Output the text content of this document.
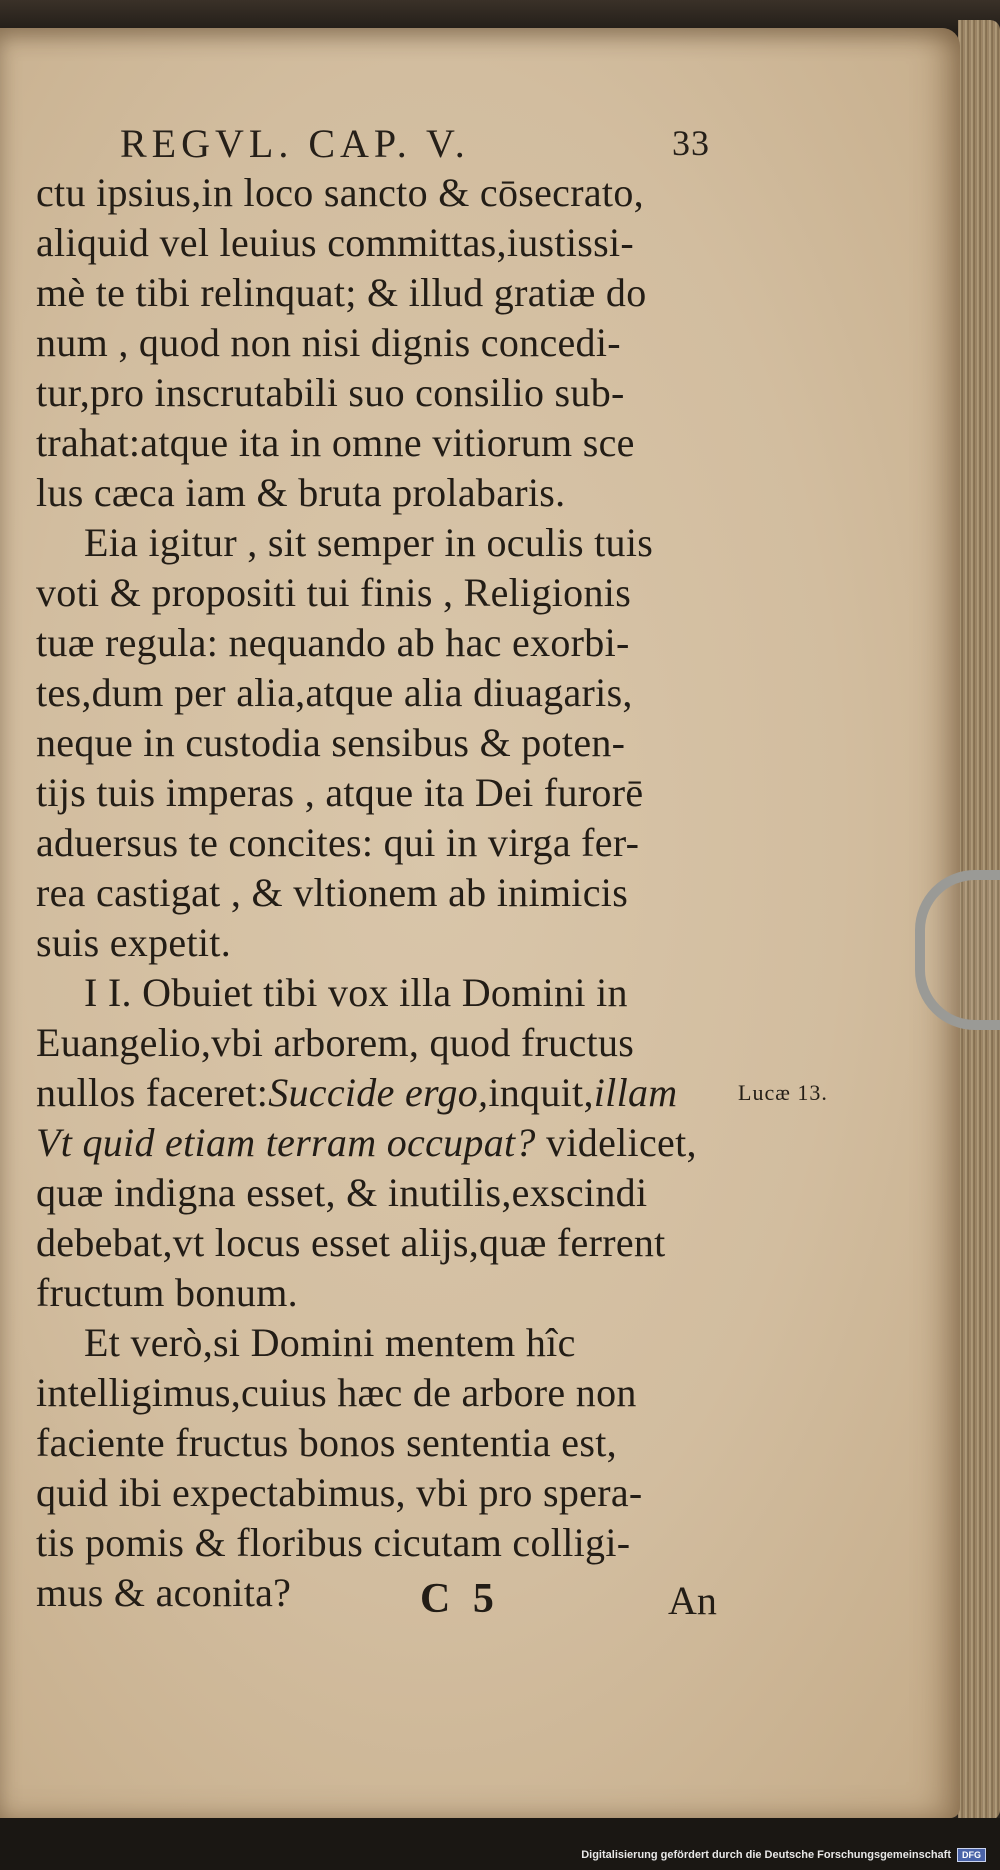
REGVL. CAP. V.	33
ctu ipsius,in loco sancto & cōsecrato,
aliquid vel leuius committas,iustissi-
mè te tibi relinquat; & illud gratiæ do
num , quod non nisi dignis concedi-
tur,pro inscrutabili suo consilio sub-
trahat:atque ita in omne vitiorum sce
lus cæca iam & bruta prolabaris.
Eia igitur , sit semper in oculis tuis
voti & propositi tui finis , Religionis
tuæ regula: nequando ab hac exorbi-
tes,dum per alia,atque alia diuagaris,
neque in custodia sensibus & poten-
tijs tuis imperas , atque ita Dei furorē
aduersus te concites: qui in virga fer-
rea castigat , & vltionem ab inimicis
suis expetit.
I I. Obuiet tibi vox illa Domini in
Euangelio,vbi arborem, quod fructus
nullos faceret:Succide ergo,inquit,illam
Vt quid etiam terram occupat? videlicet,
quæ indigna esset, & inutilis,exscindi
debebat,vt locus esset alijs,quæ ferrent
fructum bonum.
Et verò,si Domini mentem hîc
intelligimus,cuius hæc de arbore non
faciente fructus bonos sententia est,
quid ibi expectabimus, vbi pro spera-
tis pomis & floribus cicutam colligi-
mus & aconita?
Lucæ 13.
C 5	An
Digitalisierung gefördert durch die Deutsche Forschungsgemeinschaft	DFG
